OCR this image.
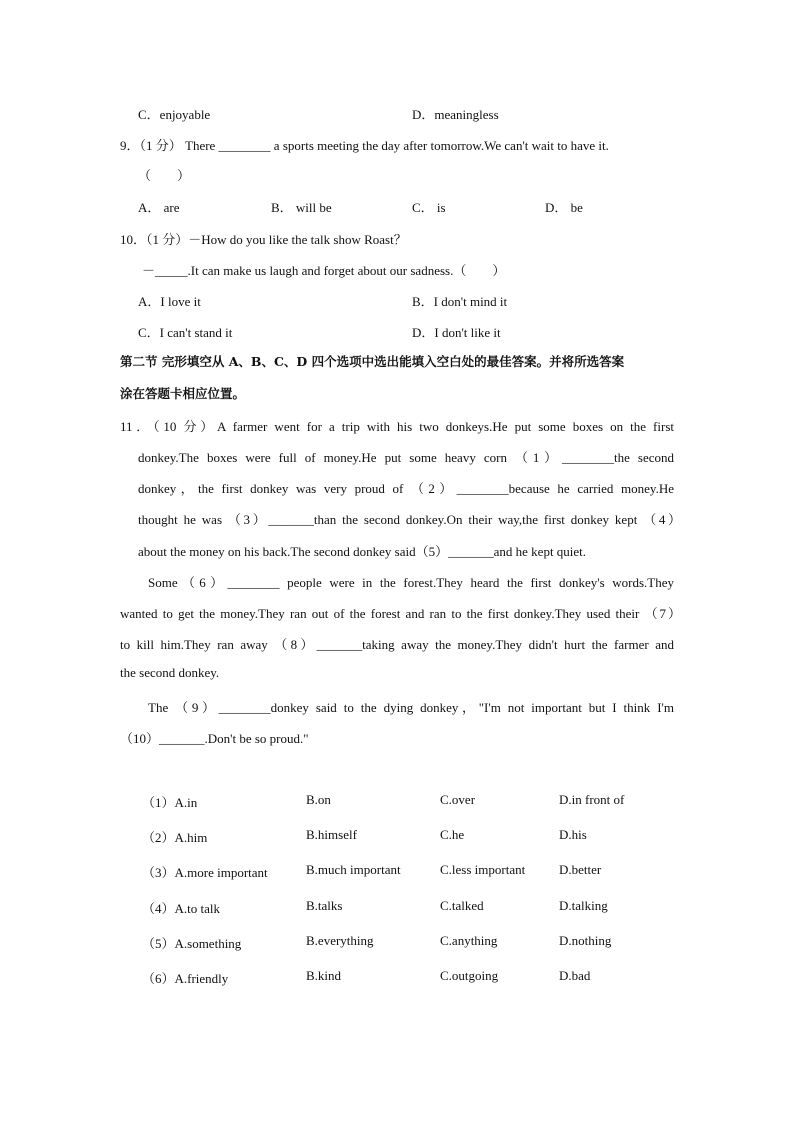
C．enjoyable	D．meaningless
9．（1 分） There ________ a sports meeting the day after tomorrow.We can't wait to have it.
（　　）
A． are	B． will be	C． is	D． be
10．（1 分）－How do you like the talk show Roast？
－_____.It can make us laugh and forget about our sadness.（　　）
A．I love it	B．I don't mind it
C．I can't stand it	D．I don't like it
第二节 完形填空从 A、B、C、D 四个选项中选出能填入空白处的最佳答案。并将所选答案
涂在答题卡相应位置。
11．（10 分）A farmer went for a trip with his two donkeys.He put some boxes on the first
donkey.The boxes were full of money.He put some heavy corn （1）________the second
donkey，the first donkey was very proud of （2）________because he carried money.He
thought he was （3）_______than the second donkey.On their way,the first donkey kept （4）
about the money on his back.The second donkey said（5）_______and he kept quiet.
Some（6）________ people were in the forest.They heard the first donkey's words.They
wanted to get the money.They ran out of the forest and ran to the first donkey.They used their （7）
to kill him.They ran away （8）_______taking away the money.They didn't hurt the farmer and
the second donkey.
The （9）________donkey said to the dying donkey，"I'm not important but I think I'm
（10）_______.Don't be so proud."
（1）A.in	B.on	C.over	D.in front of
（2）A.him	B.himself	C.he	D.his
（3）A.more important	B.much important	C.less important	D.better
（4）A.to talk	B.talks	C.talked	D.talking
（5）A.something	B.everything	C.anything	D.nothing
（6）A.friendly	B.kind	C.outgoing	D.bad
